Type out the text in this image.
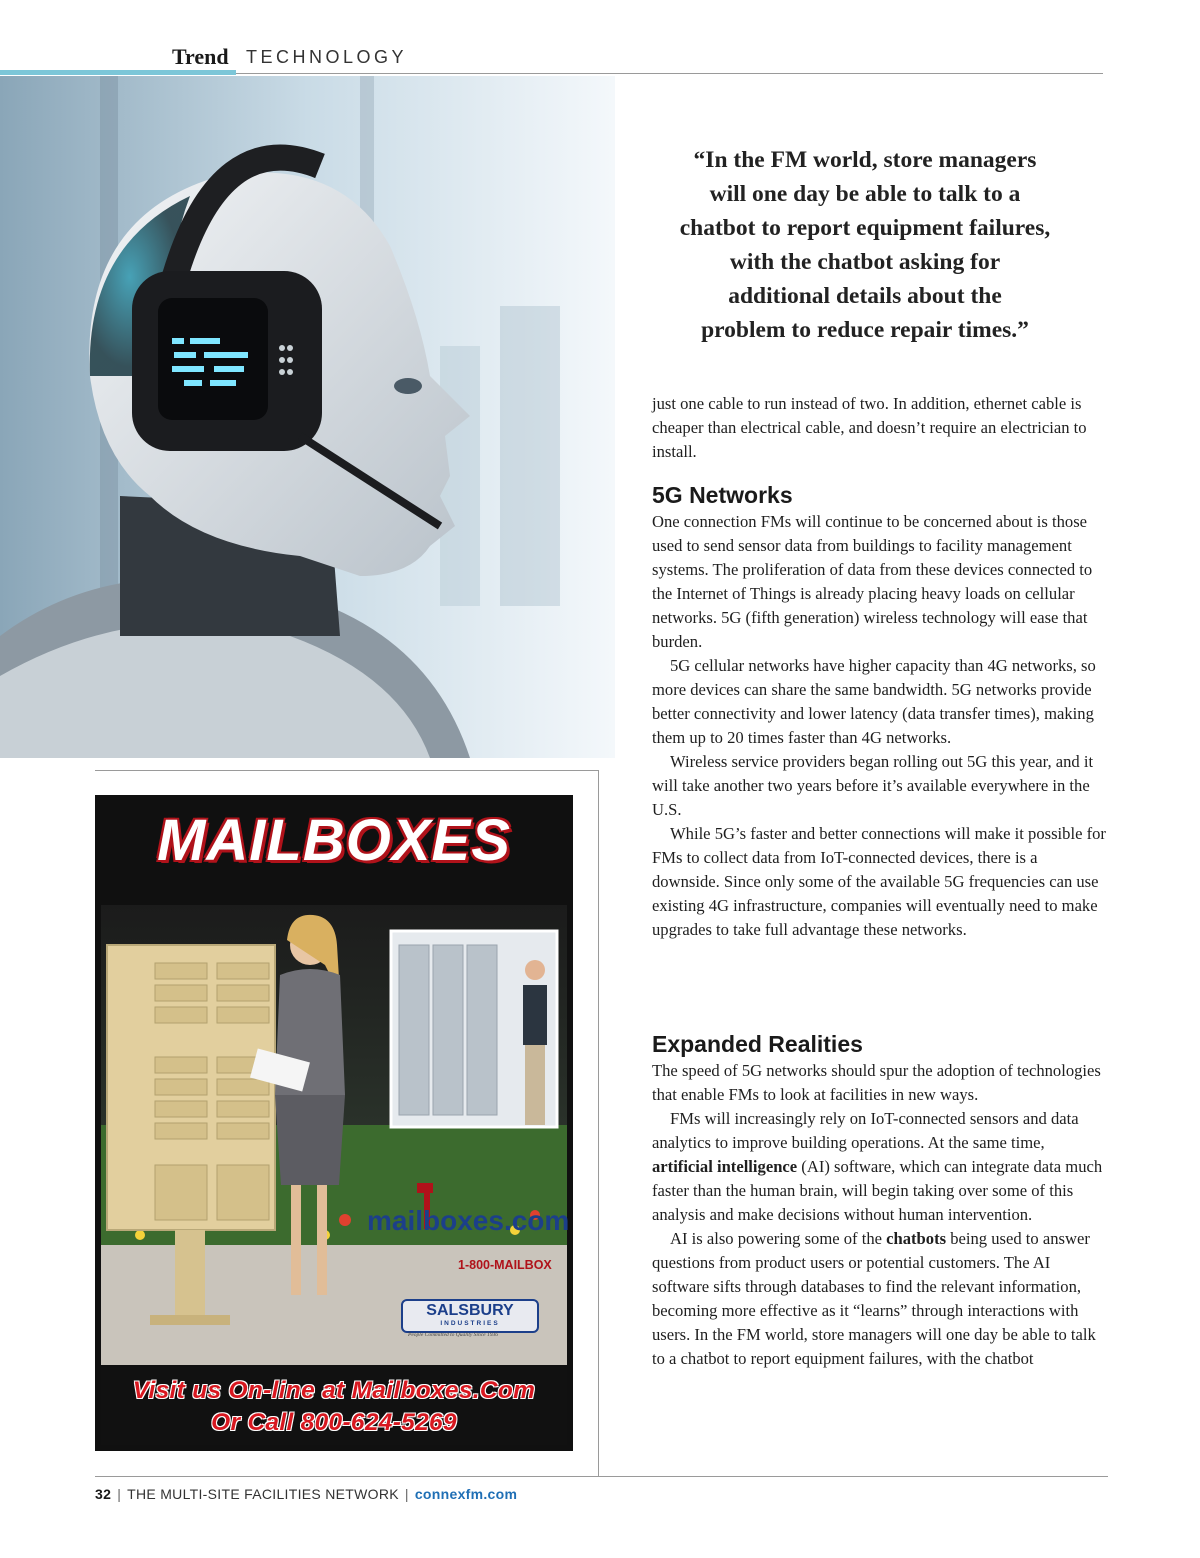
Trend TECHNOLOGY
“In the FM world, store managers
will one day be able to talk to a
chatbot to report equipment failures,
with the chatbot asking for
additional details about the
problem to reduce repair times.”

just one cable to run instead of two. In addition, ethernet cable is cheaper than electrical cable, and doesn’t require an electrician to install.

5G Networks

One connection FMs will continue to be concerned about is those used to send sensor data from buildings to facility management systems. The proliferation of data from these devices connected to the Internet of Things is already placing heavy loads on cellular networks. 5G (fifth generation) wireless technology will ease that burden.

5G cellular networks have higher capacity than 4G networks, so more devices can share the same bandwidth. 5G networks provide better connectivity and lower latency (data transfer times), making them up to 20 times faster than 4G networks.

Wireless service providers began rolling out 5G this year, and it will take another two years before it’s available everywhere in the U.S.

While 5G’s faster and better connections will make it possible for FMs to collect data from IoT-connected devices, there is a downside. Since only some of the available 5G frequencies can use existing 4G infrastructure, companies will eventually need to make upgrades to take full advantage these networks.

Expanded Realities

The speed of 5G networks should spur the adoption of technologies that enable FMs to look at facilities in new ways.

FMs will increasingly rely on IoT-connected sensors and data analytics to improve building operations. At the same time, artificial intelligence (AI) software, which can integrate data much faster than the human brain, will begin taking over some of this analysis and make decisions without human intervention.

AI is also powering some of the chatbots being used to answer questions from product users or potential customers. The AI software sifts through databases to find the relevant information, becoming more effective as it “learns” through interactions with users. In the FM world, store managers will one day be able to talk to a chatbot to report equipment failures, with the chatbot

MAILBOXES
mailboxes.com
1-800-MAILBOX
SALSBURY
INDUSTRIES
People Committed to Quality Since 1936
Visit us On-line at Mailboxes.Com
Or Call 800-624-5269
32 | THE MULTI-SITE FACILITIES NETWORK | connexfm.com
